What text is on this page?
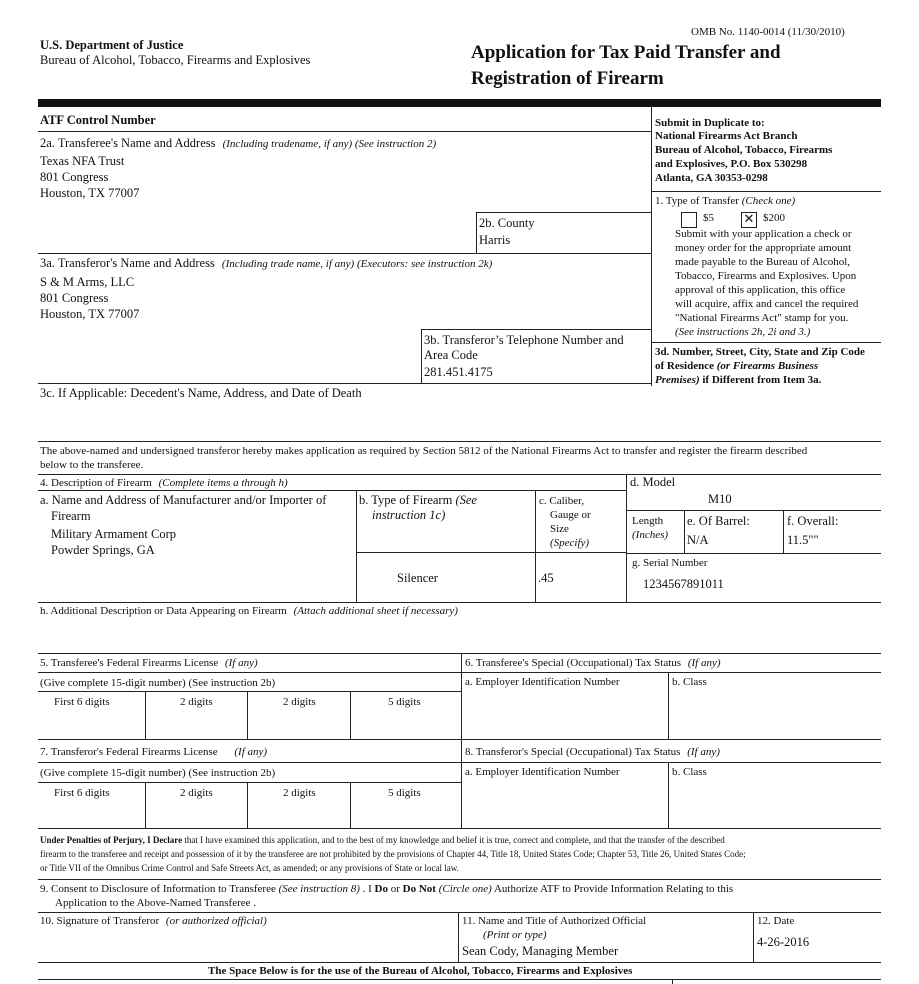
OMB No. 1140-0014 (11/30/2010)
U.S. Department of Justice
Bureau of Alcohol, Tobacco, Firearms and Explosives	Application for Tax Paid Transfer and
Registration of Firearm
ATF Control Number	Submit in Duplicate to:
National Firearms Act Branch
Bureau of Alcohol, Tobacco, Firearms
and Explosives, P.O. Box 530298
Atlanta, GA 30353-0298
1. Type of Transfer (Check one)
$5 ✕ $200
Submit with your application a check or
money order for the appropriate amount
made payable to the Bureau of Alcohol,
Tobacco, Firearms and Explosives. Upon
approval of this application, this office
will acquire, affix and cancel the required
"National Firearms Act" stamp for you.
(See instructions 2h, 2i and 3.)
2a. Transferee's Name and Address (Including tradename, if any) (See instruction 2)
Texas NFA Trust
801 Congress
Houston, TX 77007
2b. County
Harris
3a. Transferor's Name and Address (Including trade name, if any) (Executors: see instruction 2k)
S & M Arms, LLC
801 Congress
Houston, TX 77007
3b. Transferor’s Telephone Number and
Area Code
281.451.4175
3d. Number, Street, City, State and Zip Code
of Residence (or Firearms Business
Premises) if Different from Item 3a.
3c. If Applicable: Decedent's Name, Address, and Date of Death
The above-named and undersigned transferor hereby makes application as required by Section 5812 of the National Firearms Act to transfer and register the firearm described
below to the transferee.
4. Description of Firearm (Complete items a through h)	d. Model
M10
a. Name and Address of Manufacturer and/or Importer of
Firearm
Military Armament Corp
Powder Springs, GA
b. Type of Firearm (See
instruction 1c)
Silencer
c. Caliber,
Gauge or
Size
(Specify)
.45
Length
(Inches)
e. Of Barrel:
N/A
f. Overall:
11.5""
g. Serial Number
1234567891011
h. Additional Description or Data Appearing on Firearm (Attach additional sheet if necessary)
5. Transferee's Federal Firearms License (If any)
(Give complete 15-digit number) (See instruction 2b)
First 6 digits	2 digits	2 digits	5 digits
6. Transferee's Special (Occupational) Tax Status (If any)
a. Employer Identification Number	b. Class
7. Transferor's Federal Firearms License (If any)
(Give complete 15-digit number) (See instruction 2b)
First 6 digits	2 digits	2 digits	5 digits
8. Transferor's Special (Occupational) Tax Status (If any)
a. Employer Identification Number	b. Class
Under Penalties of Perjury, I Declare that I have examined this application, and to the best of my knowledge and belief it is true, correct and complete, and that the transfer of the described
firearm to the transferee and receipt and possession of it by the transferee are not prohibited by the provisions of Chapter 44, Title 18, United States Code; Chapter 53, Title 26, United States Code;
or Title VII of the Omnibus Crime Control and Safe Streets Act, as amended; or any provisions of State or local law.
9. Consent to Disclosure of Information to Transferee (See instruction 8) . I Do or Do Not (Circle one) Authorize ATF to Provide Information Relating to this
Application to the Above-Named Transferee .
10. Signature of Transferor (or authorized official)	11. Name and Title of Authorized Official
(Print or type)
Sean Cody, Managing Member
12. Date
4-26-2016
The Space Below is for the use of the Bureau of Alcohol, Tobacco, Firearms and Explosives
